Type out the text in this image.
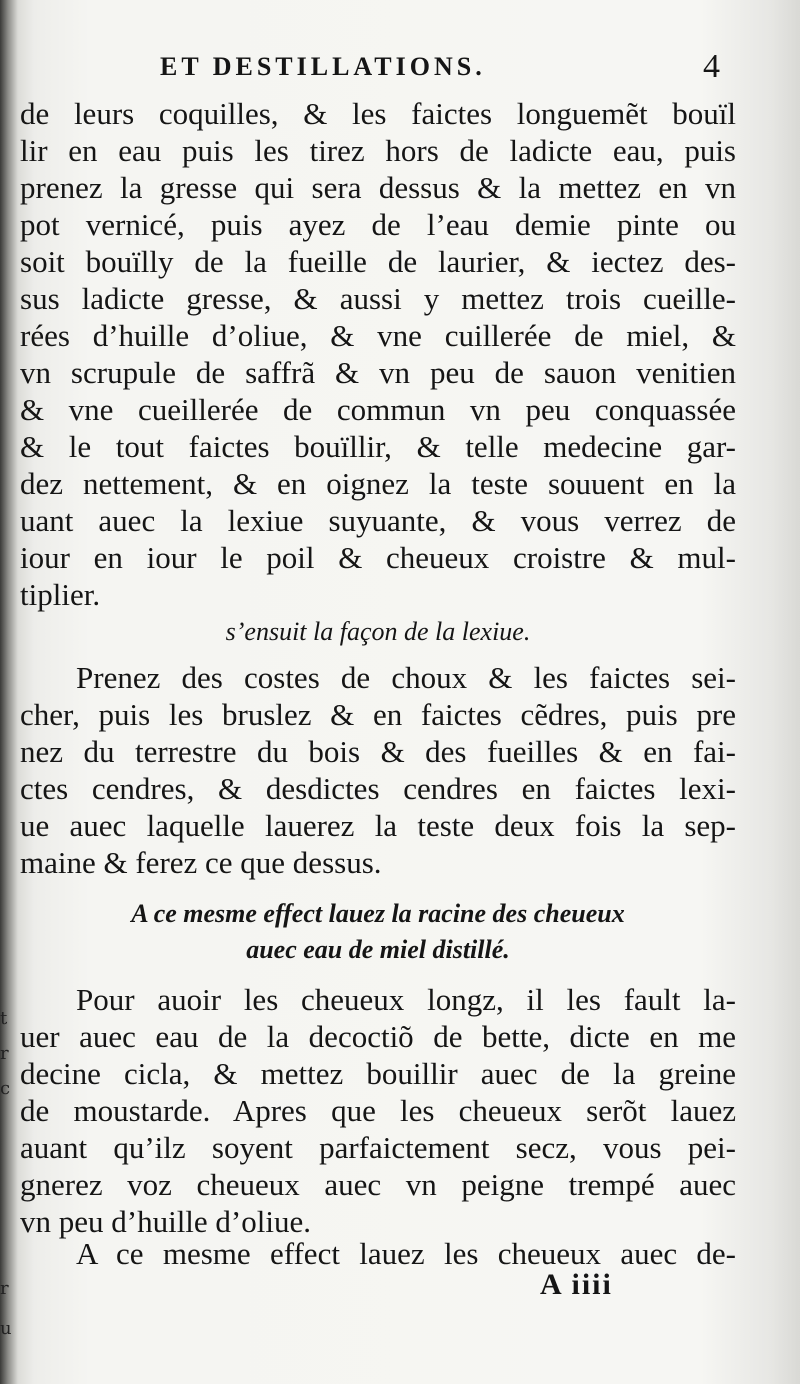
t
r
c
r
u
ET DESTILLATIONS.	4
de leurs coquilles, & les faictes longuemẽt bouïl
lir en eau puis les tirez hors de ladicte eau, puis
prenez la gresse qui sera dessus & la mettez en vn
pot vernicé, puis ayez de l’eau demie pinte ou
soit bouïlly de la fueille de laurier, & iectez des-
sus ladicte gresse, & aussi y mettez trois cueille-
rées d’huille d’oliue, & vne cuillerée de miel, &
vn scrupule de saffrã & vn peu de sauon venitien
& vne cueillerée de commun vn peu conquassée
& le tout faictes bouïllir, & telle medecine gar-
dez nettement, & en oignez la teste souuent en la
uant auec la lexiue suyuante, & vous verrez de
iour en iour le poil & cheueux croistre & mul-
tiplier.
s’ensuit la façon de la lexiue.
Prenez des costes de choux & les faictes sei-
cher, puis les bruslez & en faictes cẽdres, puis pre
nez du terrestre du bois & des fueilles & en fai-
ctes cendres, & desdictes cendres en faictes lexi-
ue auec laquelle lauerez la teste deux fois la sep-
maine & ferez ce que dessus.
A ce mesme effect lauez la racine des cheueux
auec eau de miel distillé.
Pour auoir les cheueux longz, il les fault la-
uer auec eau de la decoctiõ de bette, dicte en me
decine cicla, & mettez bouillir auec de la greine
de moustarde. Apres que les cheueux serõt lauez
auant qu’ilz soyent parfaictement secz, vous pei-
gnerez voz cheueux auec vn peigne trempé auec
vn peu d’huille d’oliue.
A ce mesme effect lauez les cheueux auec de-
A iiii
